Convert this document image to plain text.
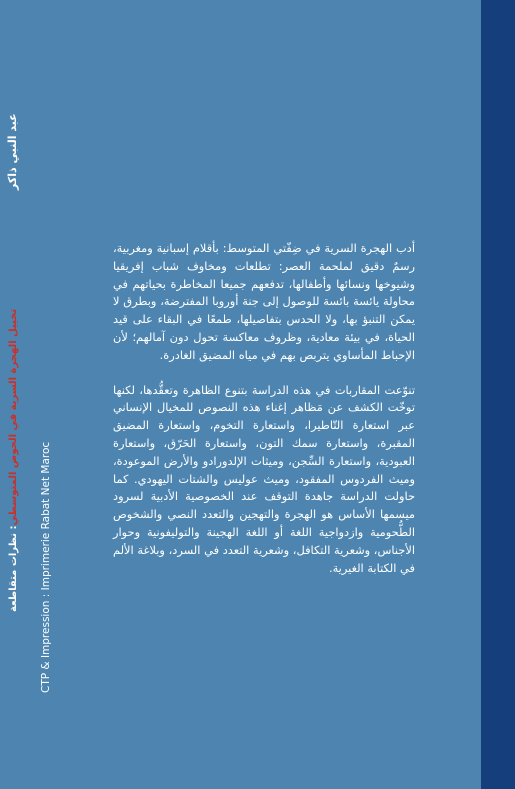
عبد النبي ذاكر
تخييل الهجرة السرية في الحوض المتوسطي: نظرات متقاطعة CTP & Impression : Imprimerie Rabat Net Maroc

أدب الهجرة السرية في ضِفّتي المتوسط: بأقلام إسبانية ومغربية، رسمٌ دقيق لملحمة العصر: تطلعات ومخاوف شباب إفريقيا وشيوخها ونسائها وأطفالها، تدفعهم جميعا المخاطرة بحياتهم في محاولة يائسة بائسة للوصول إلى جنة أوروبا المفترضة، وبطرق لا يمكن التنبؤ بها، ولا الحدس بتفاصيلها، طمعًا في البقاء على قيد الحياة، في بيئة معادية، وظروف معاكسة تحول دون آمالهم؛ لأن الإحباط المأساوي يتربص بهم في مياه المضيق الغادرة.

تنوّعت المقاربات في هذه الدراسة بتنوع الظاهرة وتعقُّدها، لكنها توخّت الكشف عن مَظاهر إغناء هذه النصوص للمخيال الإنساني عبر استعارة التّاطيرا، واستعارة التخوم، واستعارة المضيق المقبرة، واستعارة سمك التون، واستعارة الحَرّق، واستعارة العبودية، واستعارة السِّجن، وميثات الإلدورادو والأرض الموعودة، وميث الفردوس المفقود، وميث عوليس والشتات اليهودي. كما حاولت الدراسة جاهدة التوقف عند الخصوصية الأدبية لسرود ميسمها الأساس هو الهجرة والتهجين والتعدد النصي والشخوص الطُّحومية وازدواجية اللغة أو اللغة الهجينة والتوليفونية وحوار الأجناس، وشعرية التكافل، وشعرية التعدد في السرد، وبلاغة الألم في الكتابة الغيرية.
